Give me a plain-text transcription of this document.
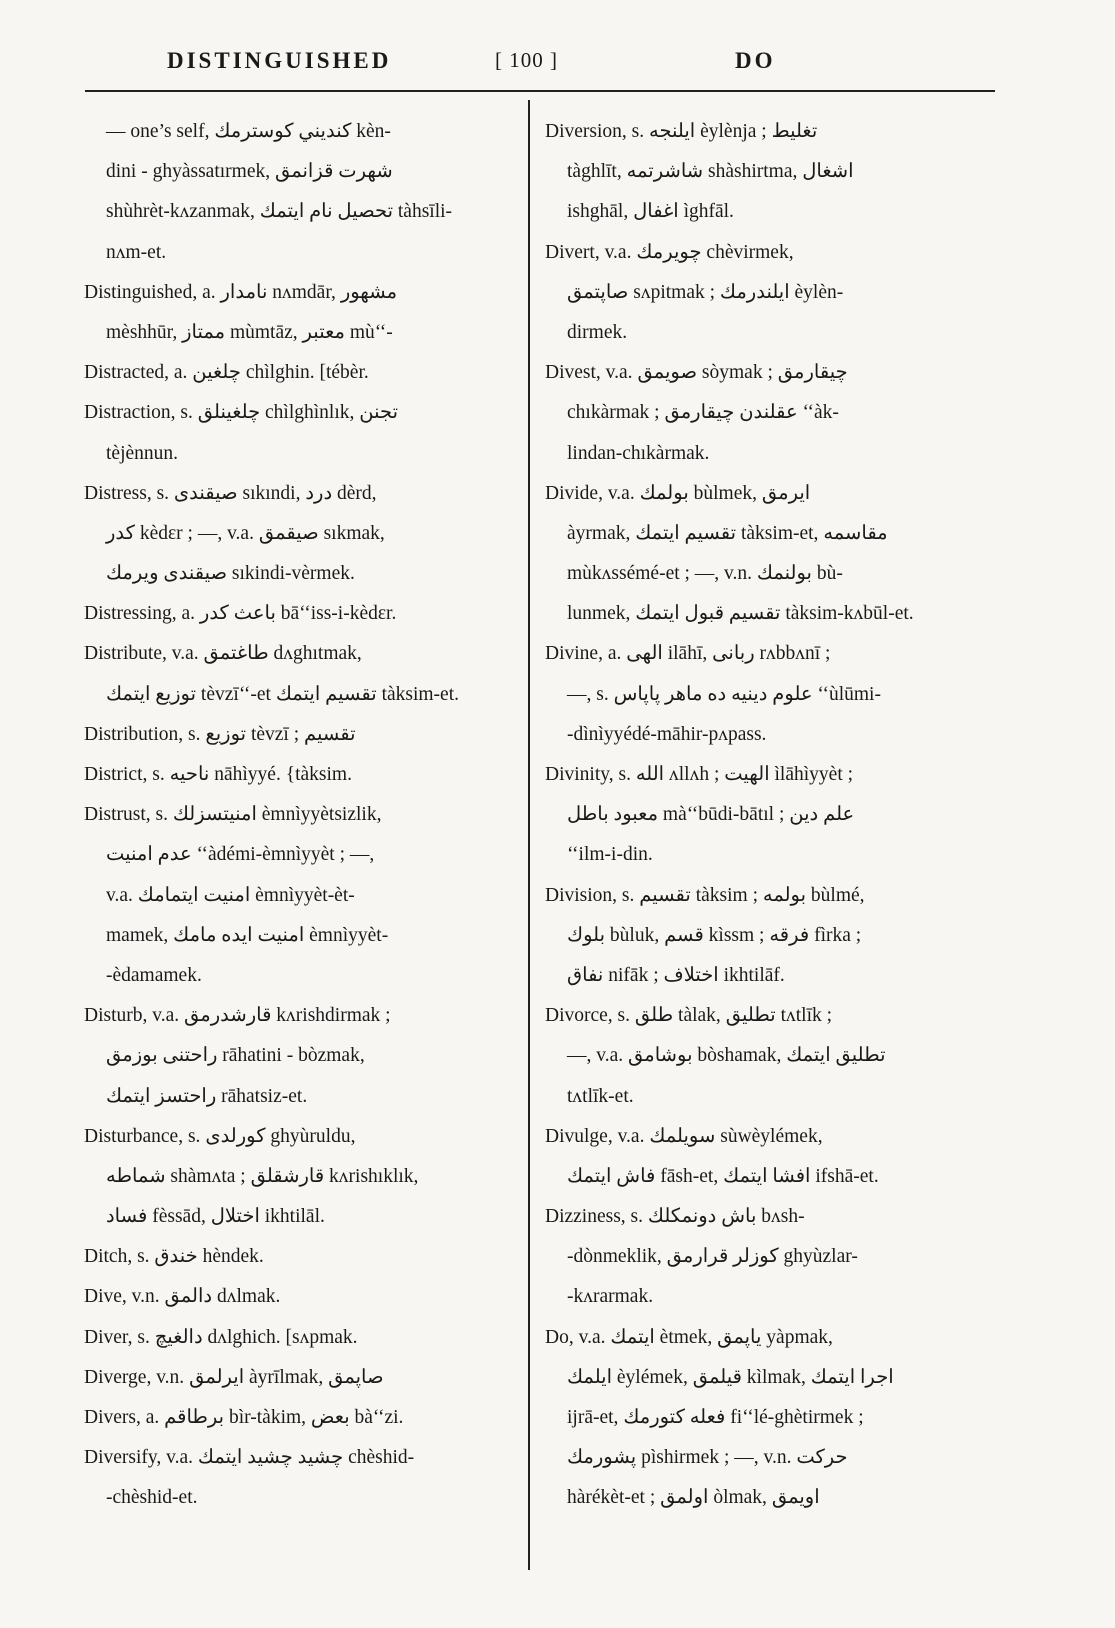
DISTINGUISHED	[ 100 ]	DO
— one’s self, كنديني كوسترمك kèn-
dini - ghyàssatırmek, شهرت قزانمق
shùhrèt-kʌzanmak, تحصيل نام ايتمك tàhsīli-
nʌm-et.
Distinguished, a. نامدار nʌmdār, مشهور
mèshhūr, ممتاز mùmtāz, معتبر mù‘‘-
Distracted, a. چلغين chìlghin. [tébèr.
Distraction, s. چلغينلق chìlghìnlık, تجنن
tèjènnun.
Distress, s. صيقندى sıkındi, درد dèrd,
كدر kèdεr ; —, v.a. صيقمق sıkmak,
صيقندى ويرمك sıkindi-vèrmek.
Distressing, a. باعث كدر bā‘‘iss-i-kèdεr.
Distribute, v.a. طاغتمق dʌghıtmak,
توزيع ايتمك tèvzī‘‘-et تقسيم ايتمك tàksim-et.
Distribution, s. توزيع tèvzī ; تقسيم
District, s. ناحيه nāhìyyé. {tàksim.
Distrust, s. امنيتسزلك èmnìyyètsizlik,
عدم امنيت ‘‘àdémi-èmnìyyèt ; —,
v.a. امنيت ايتمامك èmnìyyèt-èt-
mamek, امنيت ايده مامك èmnìyyèt-
-èdamamek.
Disturb, v.a. قارشدرمق kʌrishdirmak ;
راحتنى بوزمق rāhatini - bòzmak,
راحتسز ايتمك rāhatsiz-et.
Disturbance, s. كورلدى ghyùruldu,
شماطه shàmʌta ; قارشقلق kʌrishıklık,
فساد fèssād, اختلال ikhtilāl.
Ditch, s. خندق hèndek.
Dive, v.n. دالمق dʌlmak.
Diver, s. دالغيچ dʌlghich. [sʌpmak.
Diverge, v.n. ايرلمق àyrīlmak, صاپمق
Divers, a. برطاقم bìr-tàkim, بعض bà‘‘zi.
Diversify, v.a. چشيد چشيد ايتمك chèshid-
-chèshid-et.
Diversion, s. ايلنجه èylènja ; تغليط
tàghlīt, شاشرتمه shàshirtma, اشغال
ishghāl, اغفال ìghfāl.
Divert, v.a. چويرمك chèvirmek,
صاپتمق sʌpitmak ; ايلندرمك èylèn-
dirmek.
Divest, v.a. صويمق sòymak ; چيقارمق
chıkàrmak ; عقلندن چيقارمق ‘‘àk-
lindan-chıkàrmak.
Divide, v.a. بولمك bùlmek, ايرمق
àyrmak, تقسيم ايتمك tàksim-et, مقاسمه
mùkʌssémé-et ; —, v.n. بولنمك bù-
lunmek, تقسيم قبول ايتمك tàksim-kʌbūl-et.
Divine, a. الهى ilāhī, ربانى rʌbbʌnī ;
—, s. علوم دينيه ده ماهر پاپاس ‘‘ùlūmi-
-dìnìyyédé-māhir-pʌpass.
Divinity, s. الله ʌllʌh ; الهيت ìlāhìyyèt ;
معبود باطل mà‘‘būdi-bātıl ; علم دين
‘‘ilm-i-din.
Division, s. تقسيم tàksim ; بولمه bùlmé,
بلوك bùluk, قسم kìssm ; فرقه fìrka ;
نفاق nifāk ; اختلاف ikhtilāf.
Divorce, s. طلق tàlak, تطليق tʌtlīk ;
—, v.a. بوشامق bòshamak, تطليق ايتمك
tʌtlīk-et.
Divulge, v.a. سويلمك sùwèylémek,
فاش ايتمك fāsh-et, افشا ايتمك ifshā-et.
Dizziness, s. باش دونمكلك bʌsh-
-dònmeklik, كوزلر قرارمق ghyùzlar-
-kʌrarmak.
Do, v.a. ايتمك ètmek, ياپمق yàpmak,
ايلمك èylémek, قيلمق kìlmak, اجرا ايتمك
ijrā-et, فعله كتورمك fi‘‘lé-ghètirmek ;
پشورمك pìshirmek ; —, v.n. حركت
hàrékèt-et ; اولمق òlmak, اويمق
